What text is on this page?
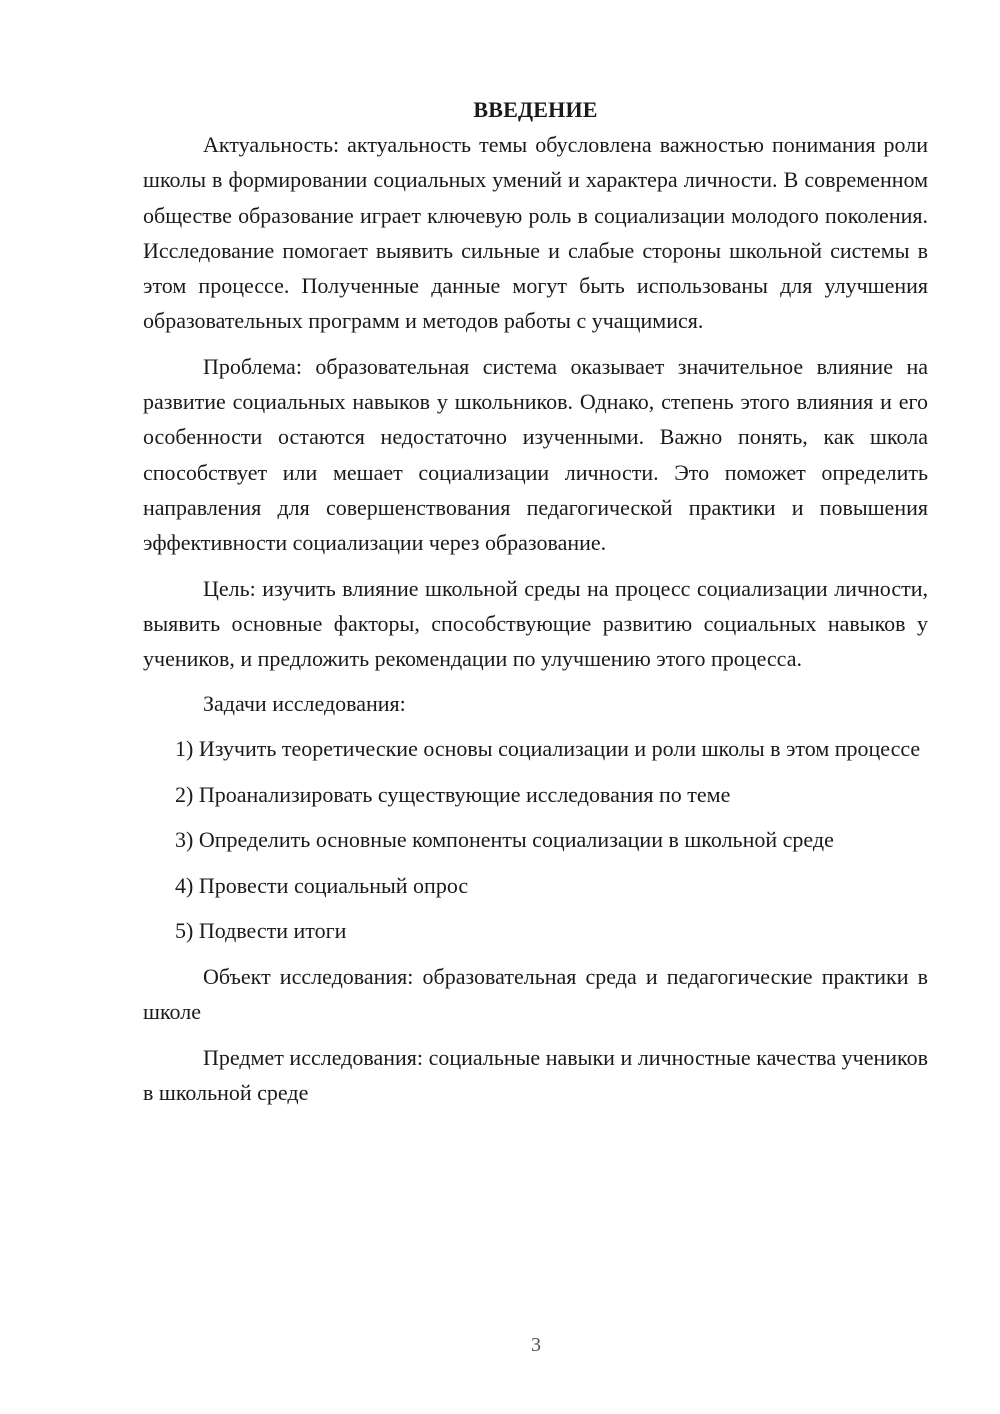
ВВЕДЕНИЕ

Актуальность: актуальность темы обусловлена важностью понимания роли школы в формировании социальных умений и характера личности. В современном обществе образование играет ключевую роль в социализации молодого поколения. Исследование помогает выявить сильные и слабые стороны школьной системы в этом процессе. Полученные данные могут быть использованы для улучшения образовательных программ и методов работы с учащимися.

Проблема: образовательная система оказывает значительное влияние на развитие социальных навыков у школьников. Однако, степень этого влияния и его особенности остаются недостаточно изученными. Важно понять, как школа способствует или мешает социализации личности. Это поможет определить направления для совершенствования педагогической практики и повышения эффективности социализации через образование.

Цель: изучить влияние школьной среды на процесс социализации личности, выявить основные факторы, способствующие развитию социальных навыков у учеников, и предложить рекомендации по улучшению этого процесса.

Задачи исследования:

1) Изучить теоретические основы социализации и роли школы в этом процессе

2) Проанализировать существующие исследования по теме

3) Определить основные компоненты социализации в школьной среде

4) Провести социальный опрос

5) Подвести итоги

Объект исследования: образовательная среда и педагогические практики в школе

Предмет исследования: социальные навыки и личностные качества учеников в школьной среде

3
